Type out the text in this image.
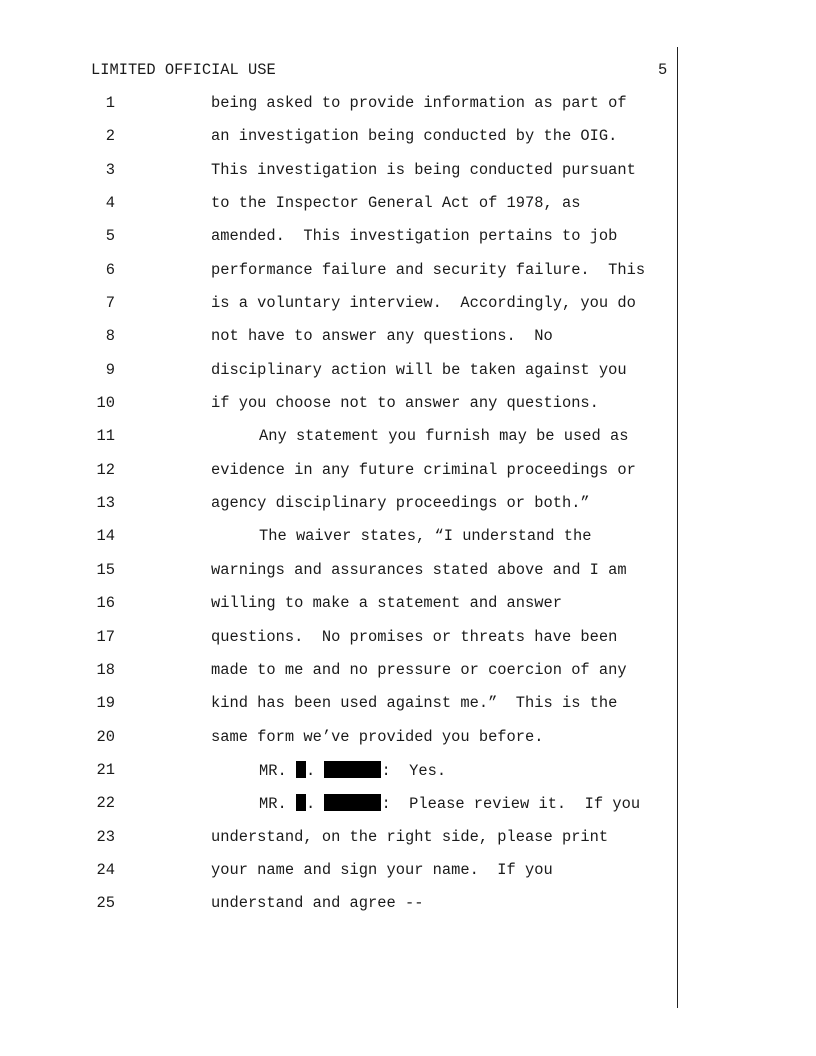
LIMITED OFFICIAL USE	5
1	being asked to provide information as part of
2	an investigation being conducted by the OIG.
3	This investigation is being conducted pursuant
4	to the Inspector General Act of 1978, as
5	amended.  This investigation pertains to job
6	performance failure and security failure.  This
7	is a voluntary interview.  Accordingly, you do
8	not have to answer any questions.  No
9	disciplinary action will be taken against you
10	if you choose not to answer any questions.
11	Any statement you furnish may be used as
12	evidence in any future criminal proceedings or
13	agency disciplinary proceedings or both.”
14	The waiver states, “I understand the
15	warnings and assurances stated above and I am
16	willing to make a statement and answer
17	questions.  No promises or threats have been
18	made to me and no pressure or coercion of any
19	kind has been used against me.”  This is the
20	same form we’ve provided you before.
21	MR. .	:  Yes.
22	MR. .	:  Please review it.  If you
23	understand, on the right side, please print
24	your name and sign your name.  If you
25	understand and agree --
